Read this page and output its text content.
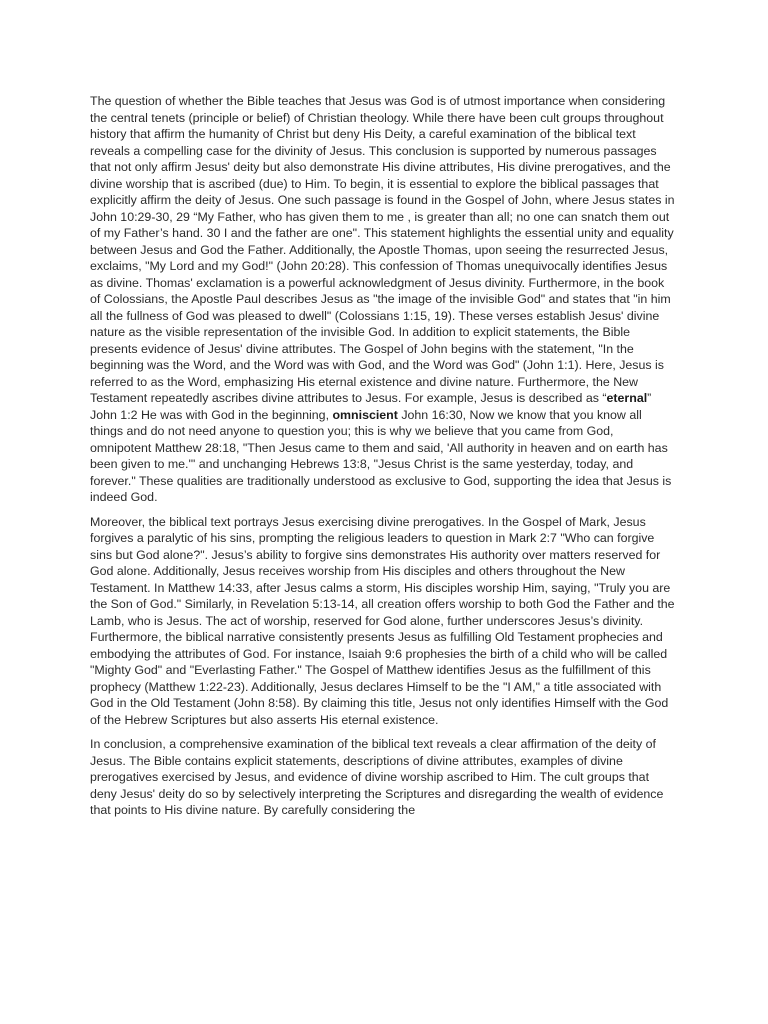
The question of whether the Bible teaches that Jesus was God is of utmost importance when considering the central tenets (principle or belief) of Christian theology. While there have been cult groups throughout history that affirm the humanity of Christ but deny His Deity, a careful examination of the biblical text reveals a compelling case for the divinity of Jesus. This conclusion is supported by numerous passages that not only affirm Jesus' deity but also demonstrate His divine attributes, His divine prerogatives, and the divine worship that is ascribed (due) to Him. To begin, it is essential to explore the biblical passages that explicitly affirm the deity of Jesus. One such passage is found in the Gospel of John, where Jesus states in John 10:29-30, 29 “My Father, who has given them to me , is greater than all; no one can snatch them out of my Father’s hand. 30 I and the father are one". This statement highlights the essential unity and equality between Jesus and God the Father. Additionally, the Apostle Thomas, upon seeing the resurrected Jesus, exclaims, "My Lord and my God!" (John 20:28). This confession of Thomas unequivocally identifies Jesus as divine. Thomas' exclamation is a powerful acknowledgment of Jesus divinity. Furthermore, in the book of Colossians, the Apostle Paul describes Jesus as "the image of the invisible God" and states that "in him all the fullness of God was pleased to dwell" (Colossians 1:15, 19). These verses establish Jesus' divine nature as the visible representation of the invisible God. In addition to explicit statements, the Bible presents evidence of Jesus' divine attributes. The Gospel of John begins with the statement, "In the beginning was the Word, and the Word was with God, and the Word was God" (John 1:1). Here, Jesus is referred to as the Word, emphasizing His eternal existence and divine nature. Furthermore, the New Testament repeatedly ascribes divine attributes to Jesus. For example, Jesus is described as “eternal” John 1:2 He was with God in the beginning, omniscient John 16:30, Now we know that you know all things and do not need anyone to question you; this is why we believe that you came from God, omnipotent Matthew 28:18, "Then Jesus came to them and said, 'All authority in heaven and on earth has been given to me.'" and unchanging Hebrews 13:8, "Jesus Christ is the same yesterday, today, and forever." These qualities are traditionally understood as exclusive to God, supporting the idea that Jesus is indeed God.

Moreover, the biblical text portrays Jesus exercising divine prerogatives. In the Gospel of Mark, Jesus forgives a paralytic of his sins, prompting the religious leaders to question in Mark 2:7 "Who can forgive sins but God alone?". Jesus’s ability to forgive sins demonstrates His authority over matters reserved for God alone. Additionally, Jesus receives worship from His disciples and others throughout the New Testament. In Matthew 14:33, after Jesus calms a storm, His disciples worship Him, saying, "Truly you are the Son of God." Similarly, in Revelation 5:13-14, all creation offers worship to both God the Father and the Lamb, who is Jesus. The act of worship, reserved for God alone, further underscores Jesus’s divinity. Furthermore, the biblical narrative consistently presents Jesus as fulfilling Old Testament prophecies and embodying the attributes of God. For instance, Isaiah 9:6 prophesies the birth of a child who will be called "Mighty God" and "Everlasting Father." The Gospel of Matthew identifies Jesus as the fulfillment of this prophecy (Matthew 1:22-23). Additionally, Jesus declares Himself to be the "I AM," a title associated with God in the Old Testament (John 8:58). By claiming this title, Jesus not only identifies Himself with the God of the Hebrew Scriptures but also asserts His eternal existence.

In conclusion, a comprehensive examination of the biblical text reveals a clear affirmation of the deity of Jesus. The Bible contains explicit statements, descriptions of divine attributes, examples of divine prerogatives exercised by Jesus, and evidence of divine worship ascribed to Him. The cult groups that deny Jesus' deity do so by selectively interpreting the Scriptures and disregarding the wealth of evidence that points to His divine nature. By carefully considering the
